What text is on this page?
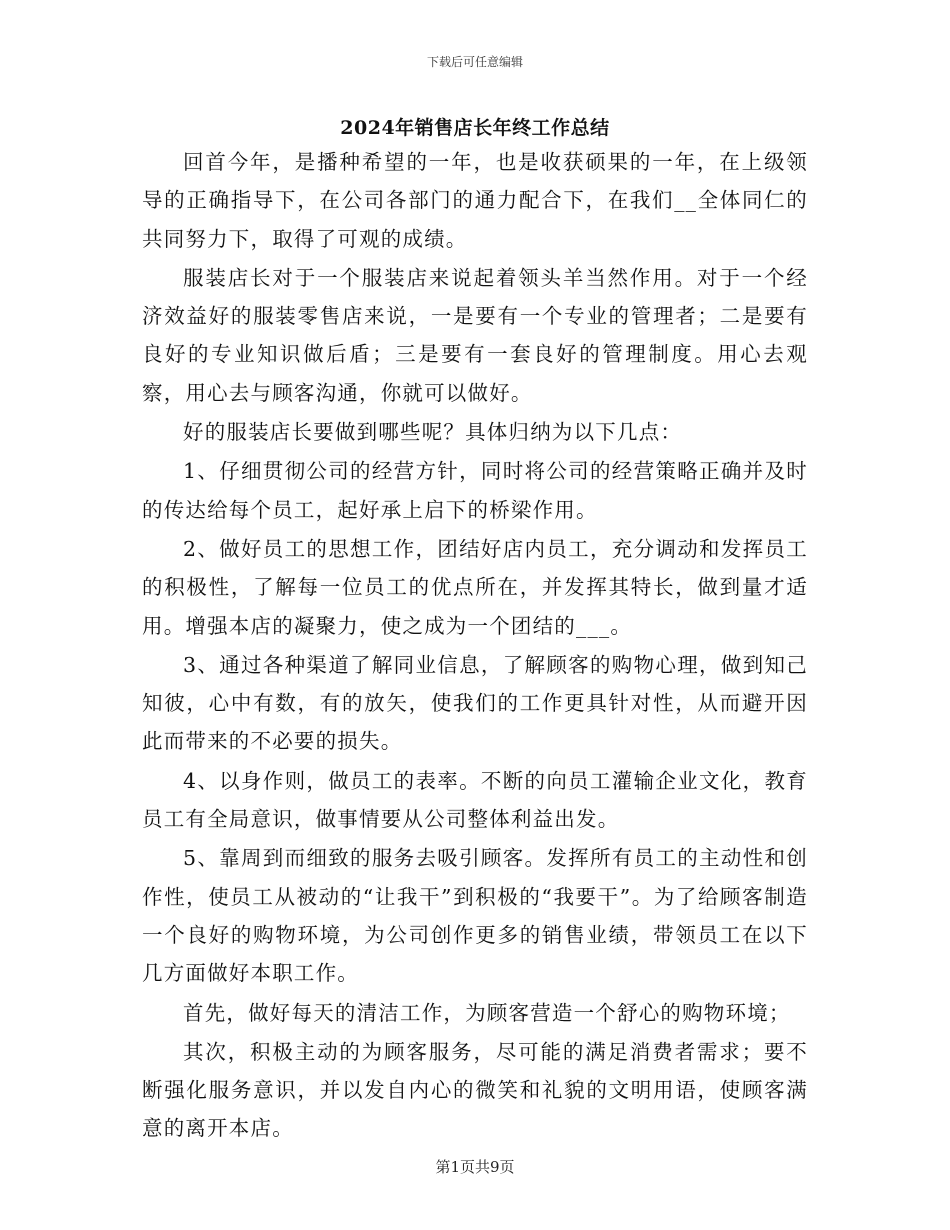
下载后可任意编辑
2024年销售店长年终工作总结

回首今年，是播种希望的一年，也是收获硕果的一年，在上级领导的正确指导下，在公司各部门的通力配合下，在我们__全体同仁的共同努力下，取得了可观的成绩。

服装店长对于一个服装店来说起着领头羊当然作用。对于一个经济效益好的服装零售店来说，一是要有一个专业的管理者；二是要有良好的专业知识做后盾；三是要有一套良好的管理制度。用心去观察，用心去与顾客沟通，你就可以做好。

好的服装店长要做到哪些呢？具体归纳为以下几点：

1、仔细贯彻公司的经营方针，同时将公司的经营策略正确并及时的传达给每个员工，起好承上启下的桥梁作用。

2、做好员工的思想工作，团结好店内员工，充分调动和发挥员工的积极性，了解每一位员工的优点所在，并发挥其特长，做到量才适用。增强本店的凝聚力，使之成为一个团结的___。

3、通过各种渠道了解同业信息，了解顾客的购物心理，做到知己知彼，心中有数，有的放矢，使我们的工作更具针对性，从而避开因此而带来的不必要的损失。

4、以身作则，做员工的表率。不断的向员工灌输企业文化，教育员工有全局意识，做事情要从公司整体利益出发。

5、靠周到而细致的服务去吸引顾客。发挥所有员工的主动性和创作性，使员工从被动的“让我干”到积极的“我要干”。为了给顾客制造一个良好的购物环境，为公司创作更多的销售业绩，带领员工在以下几方面做好本职工作。

首先，做好每天的清洁工作，为顾客营造一个舒心的购物环境；

其次，积极主动的为顾客服务，尽可能的满足消费者需求；要不断强化服务意识，并以发自内心的微笑和礼貌的文明用语，使顾客满意的离开本店。

第1页共9页
